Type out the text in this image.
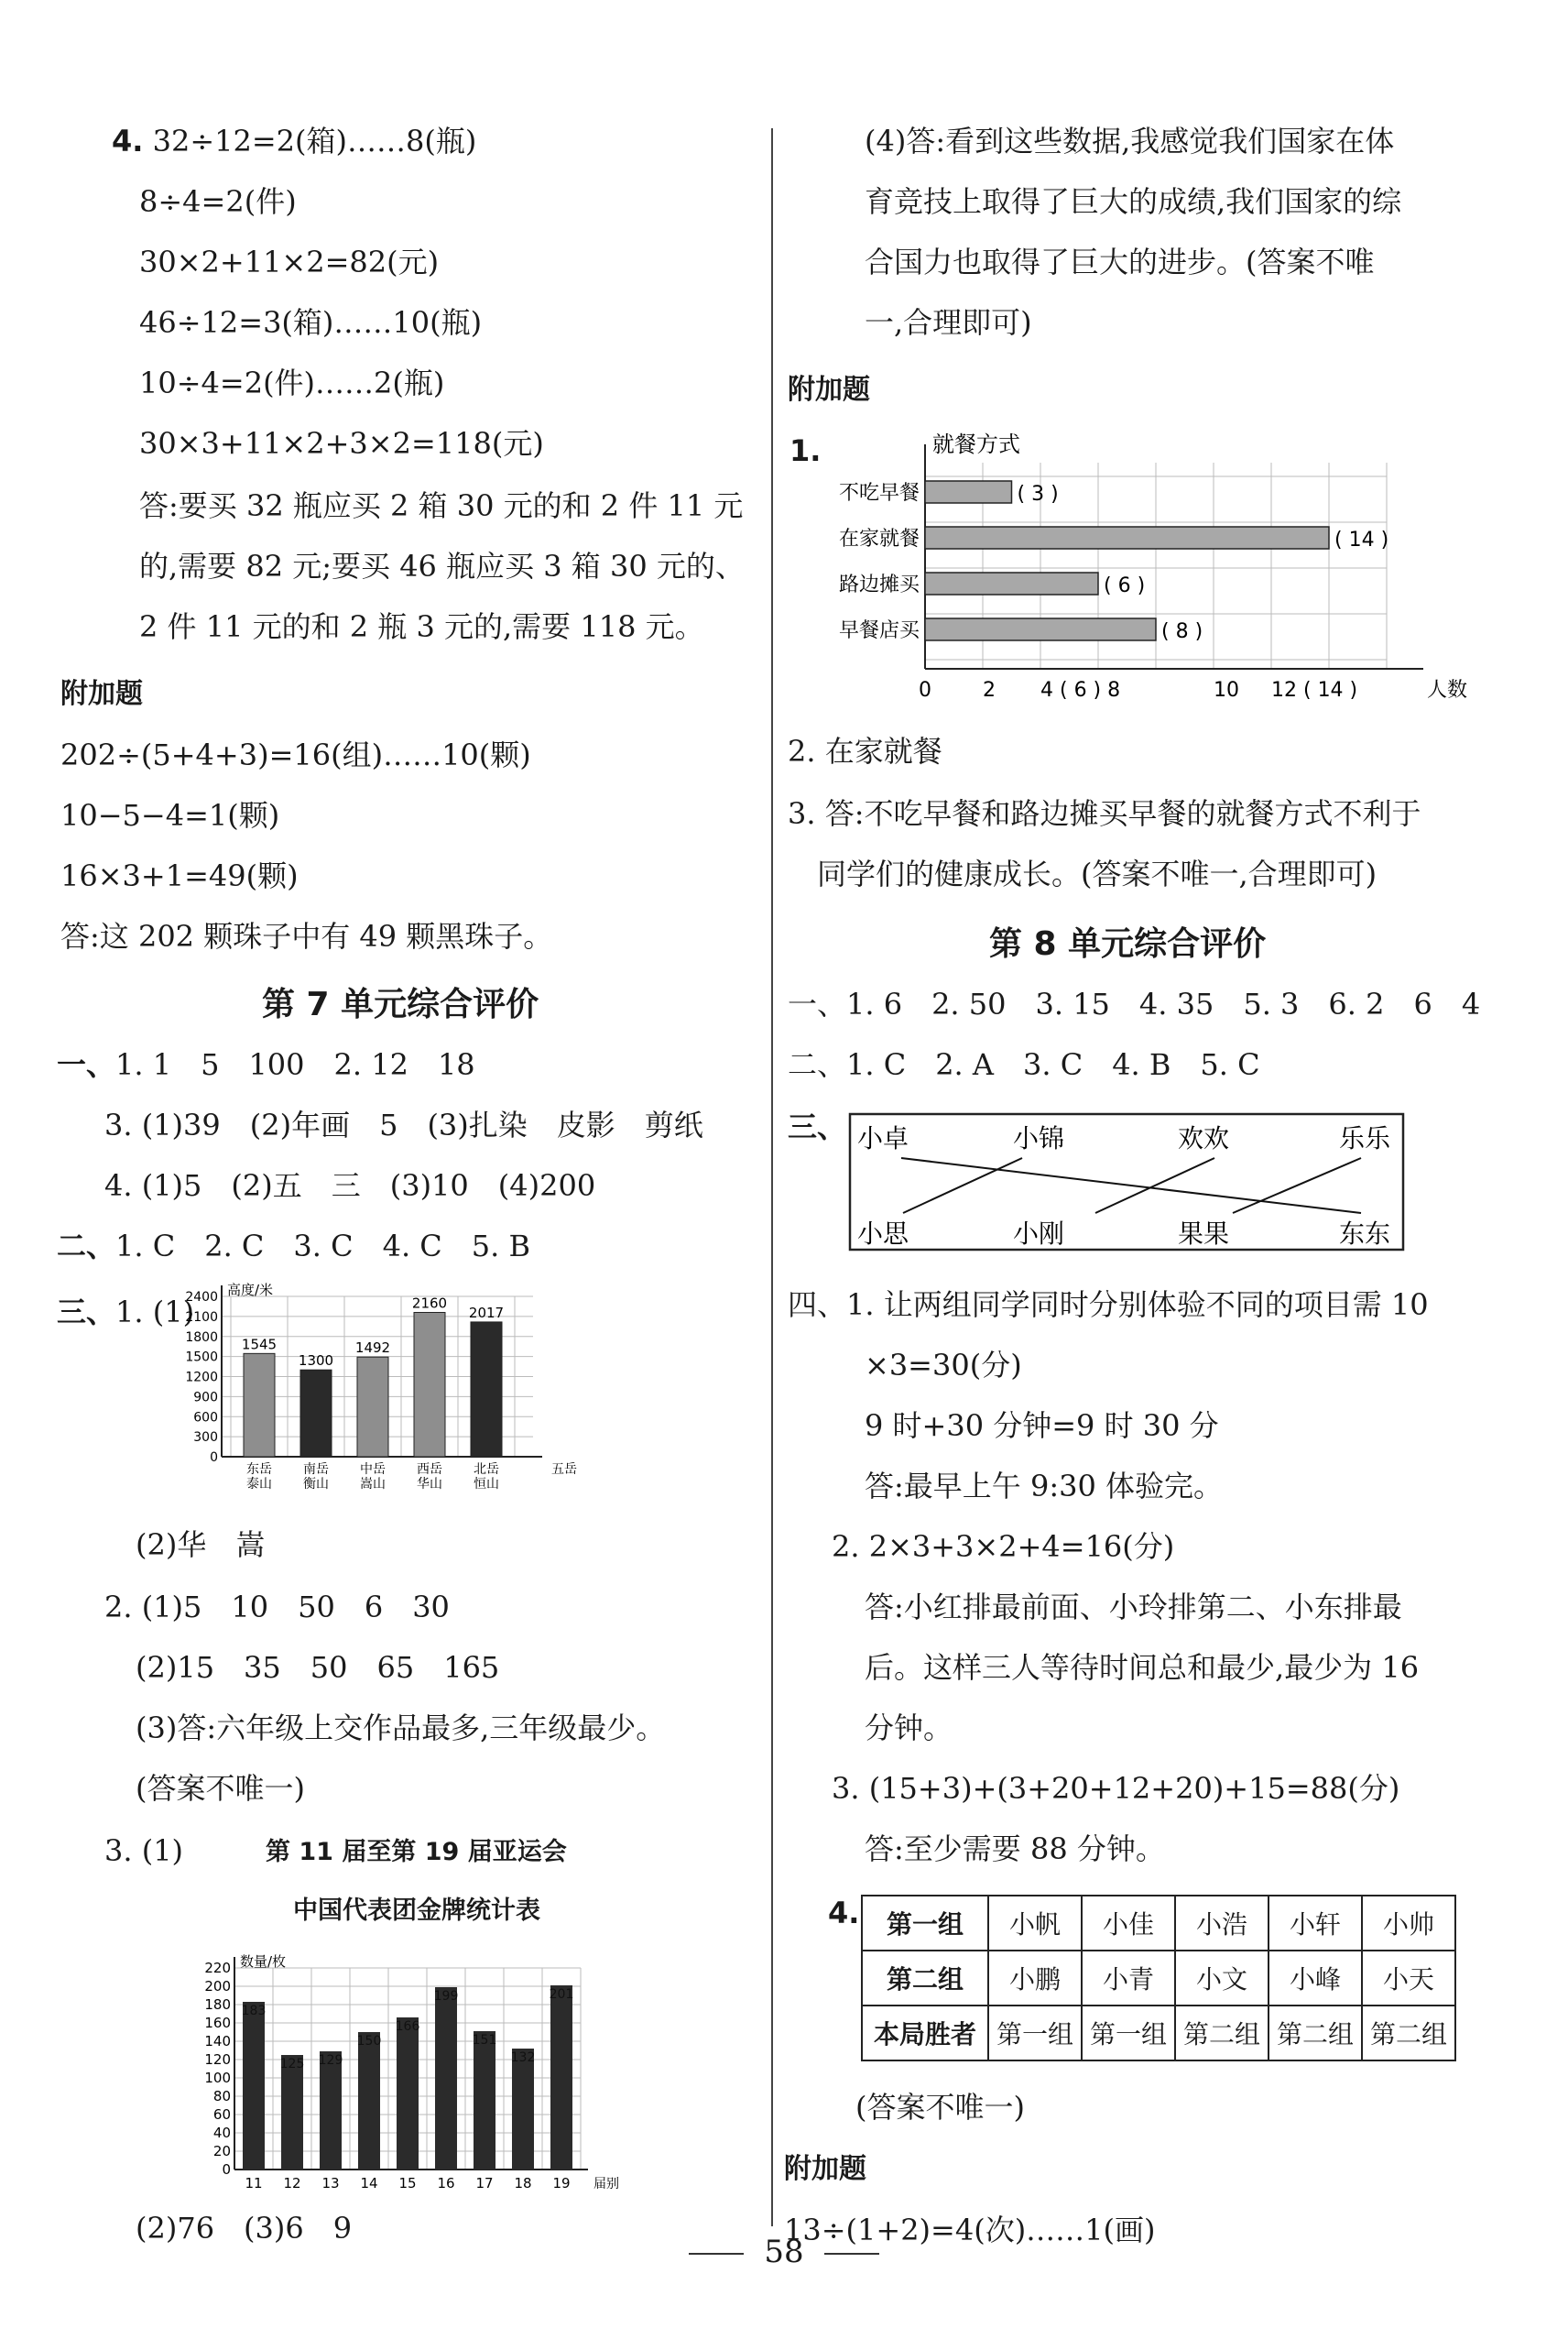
4. 32÷12=2(箱)……8(瓶)
8÷4=2(件)
30×2+11×2=82(元)
46÷12=3(箱)……10(瓶)
10÷4=2(件)……2(瓶)
30×3+11×2+3×2=118(元)
答:要买 32 瓶应买 2 箱 30 元的和 2 件 11 元
的,需要 82 元;要买 46 瓶应买 3 箱 30 元的、
2 件 11 元的和 2 瓶 3 元的,需要 118 元。
附加题
202÷(5+4+3)=16(组)……10(颗)
10−5−4=1(颗)
16×3+1=49(颗)
答:这 202 颗珠子中有 49 颗黑珠子。
第 7 单元综合评价
一、1. 1　5　100　2. 12　18
3. (1)39　(2)年画　5　(3)扎染　皮影　剪纸
4. (1)5　(2)五　三　(3)10　(4)200
二、1. C　2. C　3. C　4. C　5. B
三、1. (1)
0
300
600
900
1200
1500
1800
2100
2400 高度/米
1545
东岳
泰山
1300
南岳
衡山
1492
中岳
嵩山
2160
西岳
华山
2017
北岳
恒山
五岳
(2)华　嵩
2. (1)5　10　50　6　30
(2)15　35　50　65　165
(3)答:六年级上交作品最多,三年级最少。
(答案不唯一)
3. (1)	第 11 届至第 19 届亚运会
中国代表团金牌统计表
0
20
40
60
80
100
120
140
160
180
200
220 数量/枚
183
11
125
12
129
13
150
14
166
15
199
16
151
17
132
18
201
19 届别
(2)76　(3)6　9
(4)答:看到这些数据,我感觉我们国家在体
育竞技上取得了巨大的成绩,我们国家的综
合国力也取得了巨大的进步。(答案不唯
一,合理即可)
附加题
1.	就餐方式
不吃早餐	( 3 )
在家就餐	( 14 )
路边摊买	( 6 )
早餐店买	( 8 )
0	2 4 ( 6 ) 8	10 12 ( 14 )	人数
2. 在家就餐
3. 答:不吃早餐和路边摊买早餐的就餐方式不利于
同学们的健康成长。(答案不唯一,合理即可)
第 8 单元综合评价
一、1. 6　2. 50　3. 15　4. 35　5. 3　6. 2　6　4
二、1. C　2. A　3. C　4. B　5. C
三、 小卓	小锦	欢欢	乐乐
小思	小刚	果果	东东
四、1. 让两组同学同时分别体验不同的项目需 10
×3=30(分)
9 时+30 分钟=9 时 30 分
答:最早上午 9:30 体验完。
2. 2×3+3×2+4=16(分)
答:小红排最前面、小玲排第二、小东排最
后。这样三人等待时间总和最少,最少为 16
分钟。
3. (15+3)+(3+20+12+20)+15=88(分)
答:至少需要 88 分钟。
4. 第一组	小帆	小佳	小浩	小轩	小帅
第二组	小鹏	小青	小文	小峰	小天
本局胜者	第一组	第一组	第二组	第二组	第二组
(答案不唯一)
附加题
13÷(1+2)=4(次)……1(画)
58
